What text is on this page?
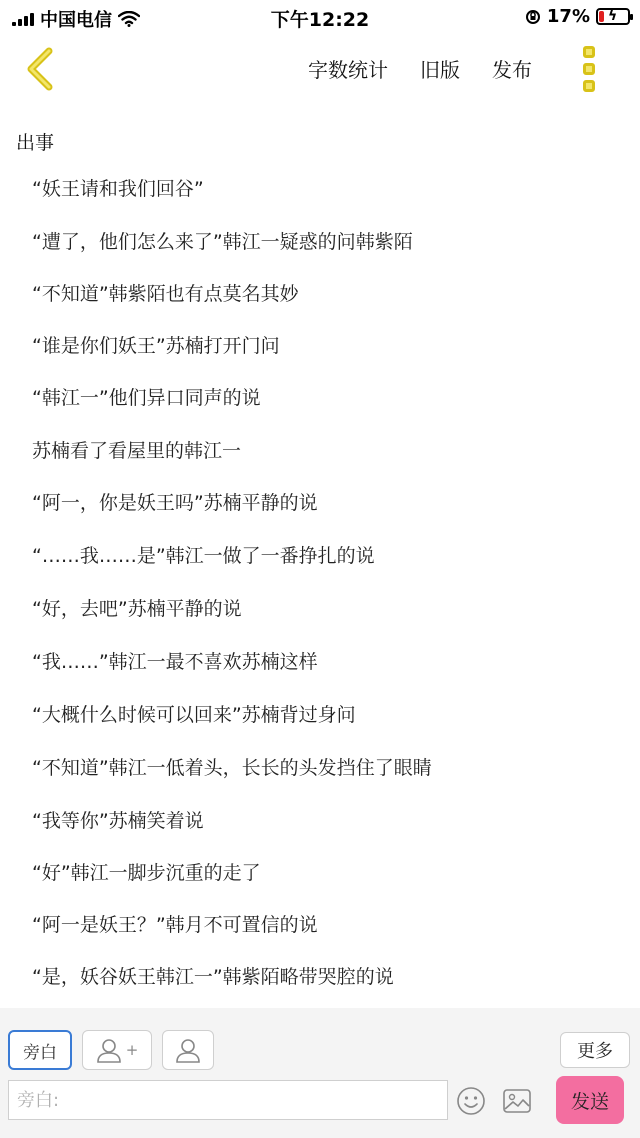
中国电信	下午12:22	17% ϟ
字数统计 旧版 发布
出事
“妖王请和我们回谷”
“遭了，他们怎么来了”韩江一疑惑的问韩紫陌
“不知道”韩紫陌也有点莫名其妙
“谁是你们妖王”苏楠打开门问
“韩江一”他们异口同声的说
苏楠看了看屋里的韩江一
“阿一，你是妖王吗”苏楠平静的说
“……我……是”韩江一做了一番挣扎的说
“好，去吧”苏楠平静的说
“我……”韩江一最不喜欢苏楠这样
“大概什么时候可以回来”苏楠背过身问
“不知道”韩江一低着头，长长的头发挡住了眼睛
“我等你”苏楠笑着说
“好”韩江一脚步沉重的走了
“阿一是妖王？”韩月不可置信的说
“是，妖谷妖王韩江一”韩紫陌略带哭腔的说
旁白	+	更多
旁白:
发送
